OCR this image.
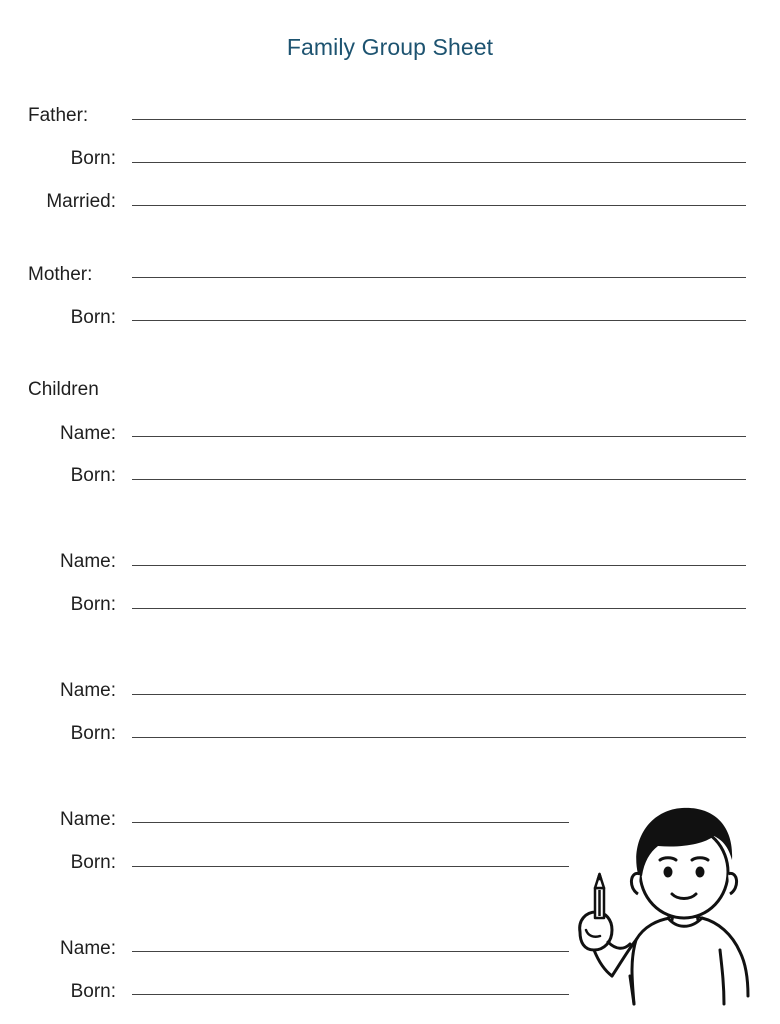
Family Group Sheet
Father:
Born:
Married:
Mother:
Born:
Children
Name:
Born:
Name:
Born:
Name:
Born:
Name:
Born:
Name:
Born:
